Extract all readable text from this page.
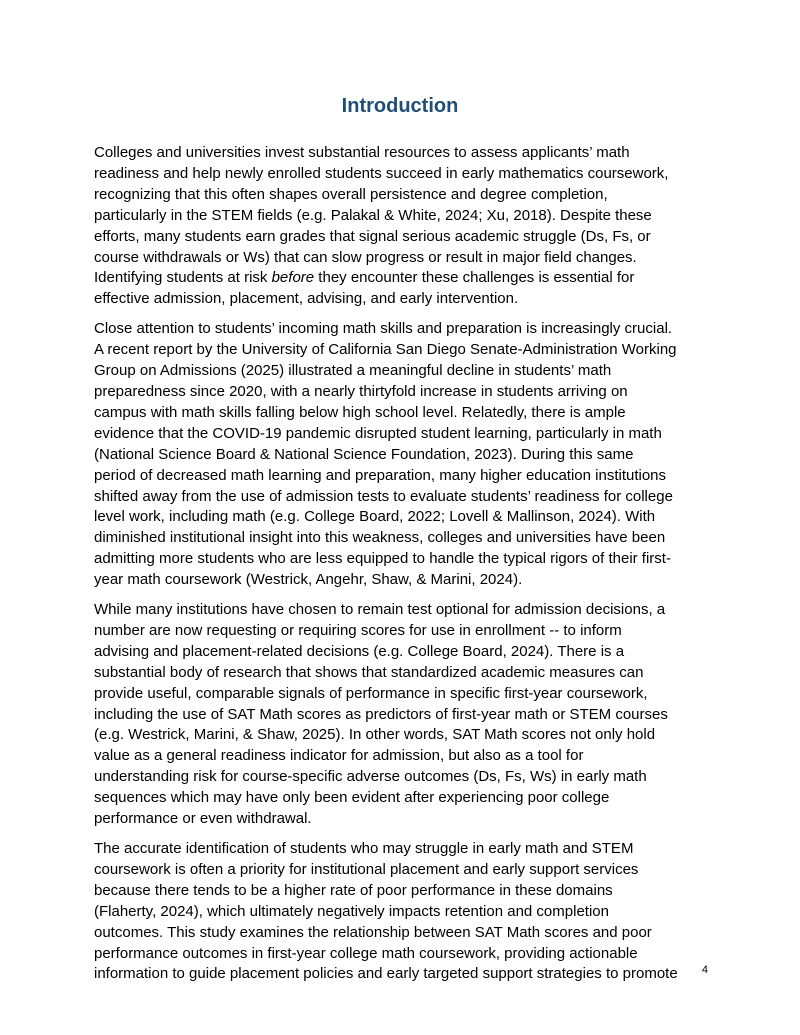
Introduction

Colleges and universities invest substantial resources to assess applicants’ math
readiness and help newly enrolled students succeed in early mathematics coursework,
recognizing that this often shapes overall persistence and degree completion,
particularly in the STEM fields (e.g. Palakal & White, 2024; Xu, 2018). Despite these
efforts, many students earn grades that signal serious academic struggle (Ds, Fs, or
course withdrawals or Ws) that can slow progress or result in major field changes.
Identifying students at risk before they encounter these challenges is essential for
effective admission, placement, advising, and early intervention.

Close attention to students’ incoming math skills and preparation is increasingly crucial.
A recent report by the University of California San Diego Senate-Administration Working
Group on Admissions (2025) illustrated a meaningful decline in students’ math
preparedness since 2020, with a nearly thirtyfold increase in students arriving on
campus with math skills falling below high school level. Relatedly, there is ample
evidence that the COVID-19 pandemic disrupted student learning, particularly in math
(National Science Board & National Science Foundation, 2023). During this same
period of decreased math learning and preparation, many higher education institutions
shifted away from the use of admission tests to evaluate students’ readiness for college
level work, including math (e.g. College Board, 2022; Lovell & Mallinson, 2024). With
diminished institutional insight into this weakness, colleges and universities have been
admitting more students who are less equipped to handle the typical rigors of their first-
year math coursework (Westrick, Angehr, Shaw, & Marini, 2024).

While many institutions have chosen to remain test optional for admission decisions, a
number are now requesting or requiring scores for use in enrollment -- to inform
advising and placement-related decisions (e.g. College Board, 2024). There is a
substantial body of research that shows that standardized academic measures can
provide useful, comparable signals of performance in specific first-year coursework,
including the use of SAT Math scores as predictors of first-year math or STEM courses
(e.g. Westrick, Marini, & Shaw, 2025). In other words, SAT Math scores not only hold
value as a general readiness indicator for admission, but also as a tool for
understanding risk for course-specific adverse outcomes (Ds, Fs, Ws) in early math
sequences which may have only been evident after experiencing poor college
performance or even withdrawal.

The accurate identification of students who may struggle in early math and STEM
coursework is often a priority for institutional placement and early support services
because there tends to be a higher rate of poor performance in these domains
(Flaherty, 2024), which ultimately negatively impacts retention and completion
outcomes. This study examines the relationship between SAT Math scores and poor
performance outcomes in first-year college math coursework, providing actionable
information to guide placement policies and early targeted support strategies to promote	4
